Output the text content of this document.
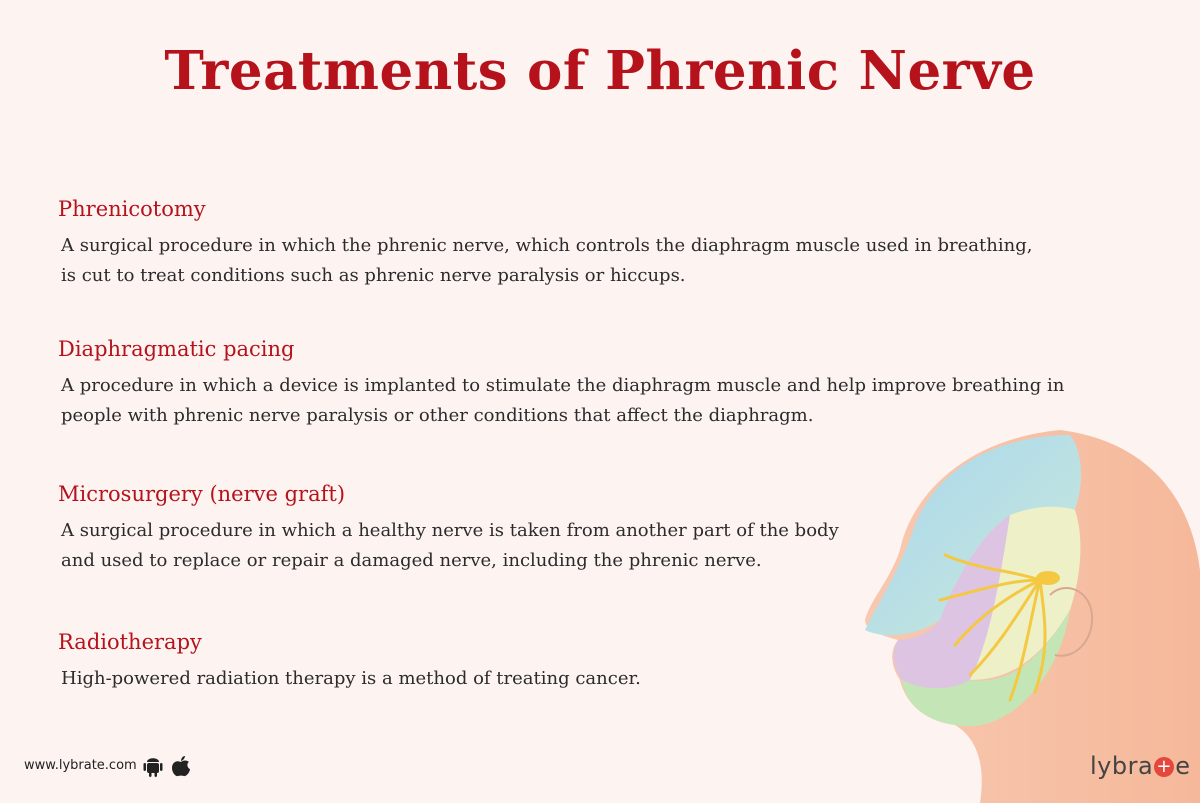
Treatments of Phrenic Nerve
Phrenicotomy

A surgical procedure in which the phrenic nerve, which controls the diaphragm muscle used in breathing,
is cut to treat conditions such as phrenic nerve paralysis or hiccups.

Diaphragmatic pacing

A procedure in which a device is implanted to stimulate the diaphragm muscle and help improve breathing in
people with phrenic nerve paralysis or other conditions that affect the diaphragm.

Microsurgery (nerve graft)

A surgical procedure in which a healthy nerve is taken from another part of the body
and used to replace or repair a damaged nerve, including the phrenic nerve.

Radiotherapy

High-powered radiation therapy is a method of treating cancer.

www.lybrate.com	lybra + e
